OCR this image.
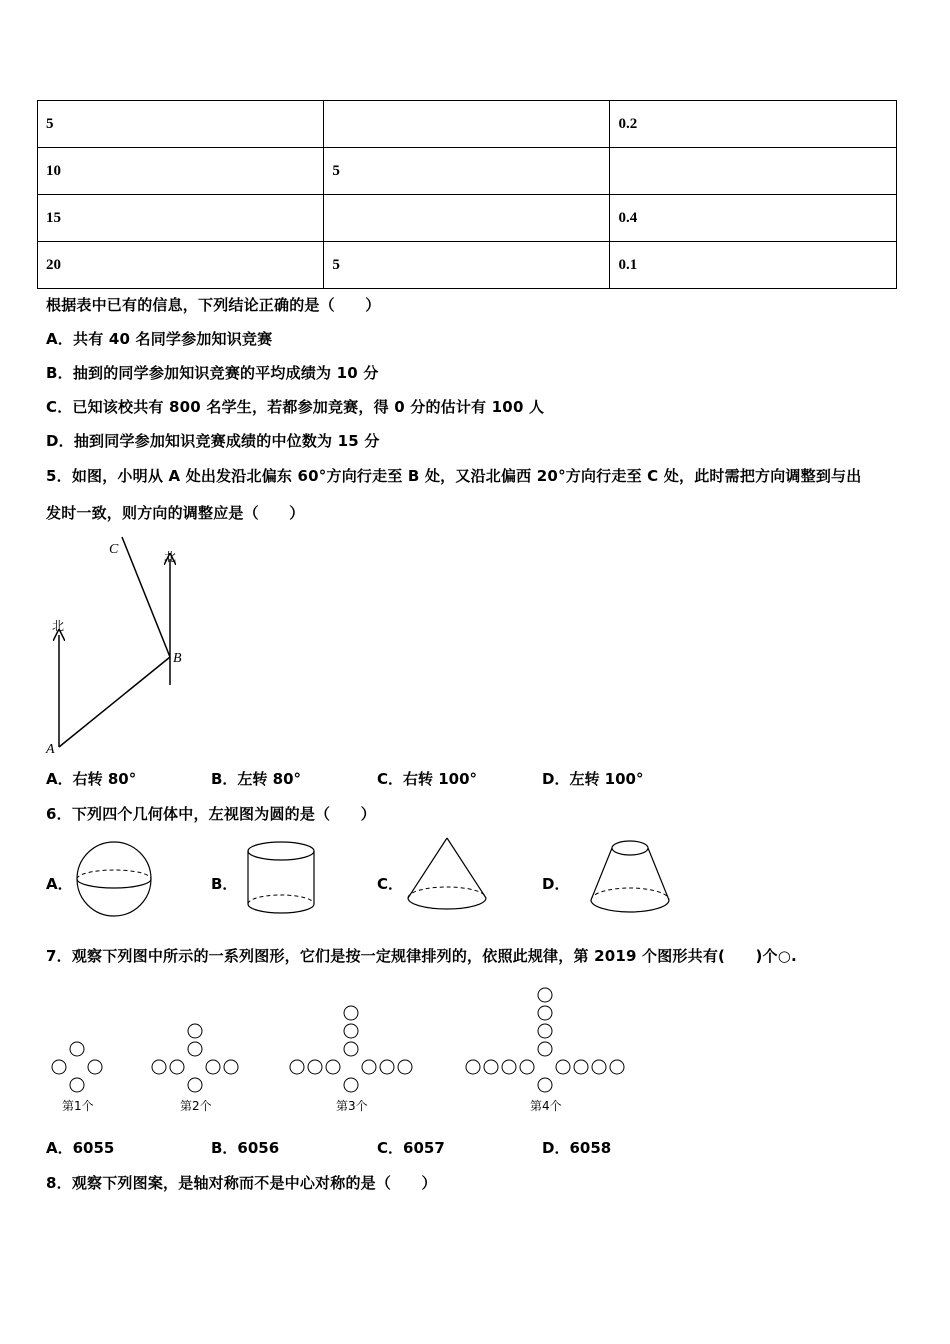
5		0.2
10	5	
15		0.4
20	5	0.1
根据表中已有的信息，下列结论正确的是（　　）
A．共有 40 名同学参加知识竞赛
B．抽到的同学参加知识竞赛的平均成绩为 10 分
C．已知该校共有 800 名学生，若都参加竞赛，得 0 分的估计有 100 人
D．抽到同学参加知识竞赛成绩的中位数为 15 分
5．如图，小明从 A 处出发沿北偏东 60°方向行走至 B 处，又沿北偏西 20°方向行走至 C 处，此时需把方向调整到与出
发时一致，则方向的调整应是（　　）
北
北
A
B
C
A．右转 80°	B．左转 80°	C．右转 100°	D．左转 100°
6．下列四个几何体中，左视图为圆的是（　　）
A．	B．	C．	D．
7．观察下列图中所示的一系列图形，它们是按一定规律排列的，依照此规律，第 2019 个图形共有(　　)个○.
第1个	第2个	第3个	第4个
A．6055	B．6056	C．6057	D．6058
8．观察下列图案，是轴对称而不是中心对称的是（　　）
